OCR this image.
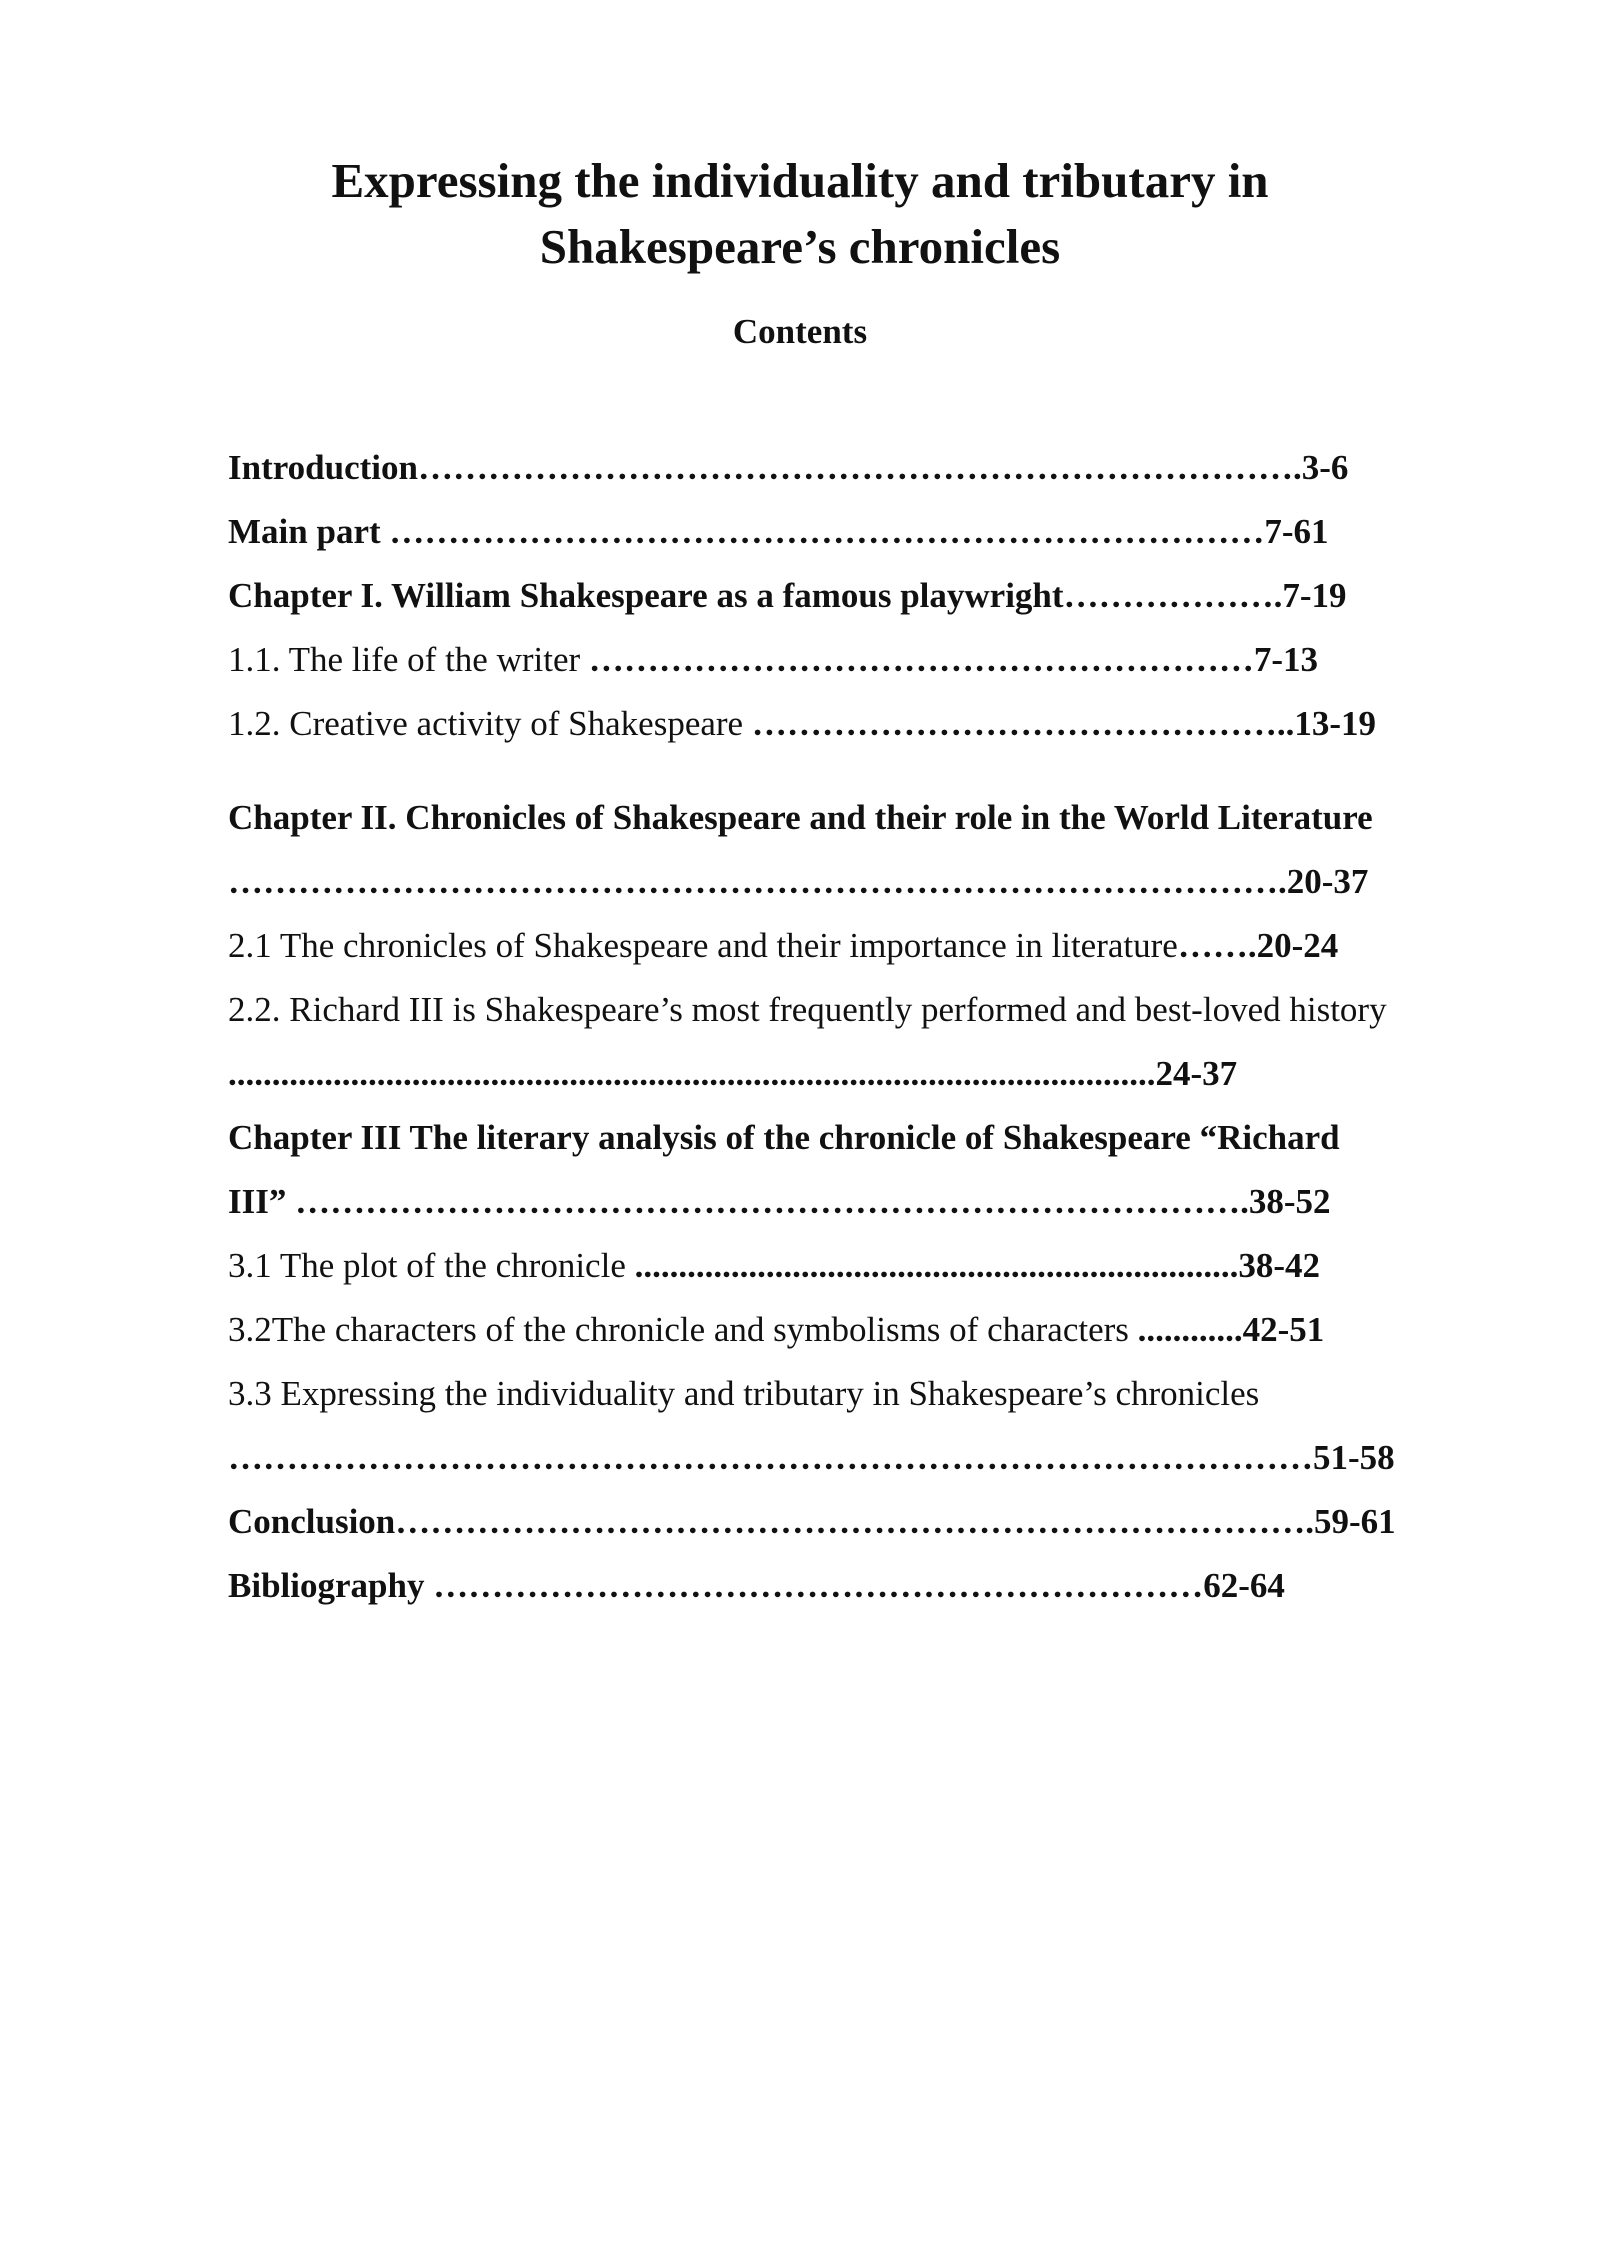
Expressing the individuality and tributary in
Shakespeare’s chronicles
Contents
Introduction………………………………………………………………….3-6
Main part …………………………………………………………………7-61
Chapter I. William Shakespeare as a famous playwright……………….7-19
1.1. The life of the writer …………………………………………………7-13
1.2. Creative activity of Shakespeare ………………………………………..13-19
Chapter II. Chronicles of Shakespeare and their role in the World Literature
……………………………………………………………………………….20-37
2.1 The chronicles of Shakespeare and their importance in literature…….20-24
2.2. Richard III is Shakespeare’s most frequently performed and best-loved history
..........................................................................................................24-37
Chapter III The literary analysis of the chronicle of Shakespeare “Richard
III” ……………………………………………………………………….38-52
3.1 The plot of the chronicle .....................................................................38-42
3.2The characters of the chronicle and symbolisms of characters ............42-51
3.3 Expressing the individuality and tributary in Shakespeare’s chronicles
…………………………………………………………………………………51-58
Conclusion…………………………………………………………………….59-61
Bibliography …………………………………………………………62-64
